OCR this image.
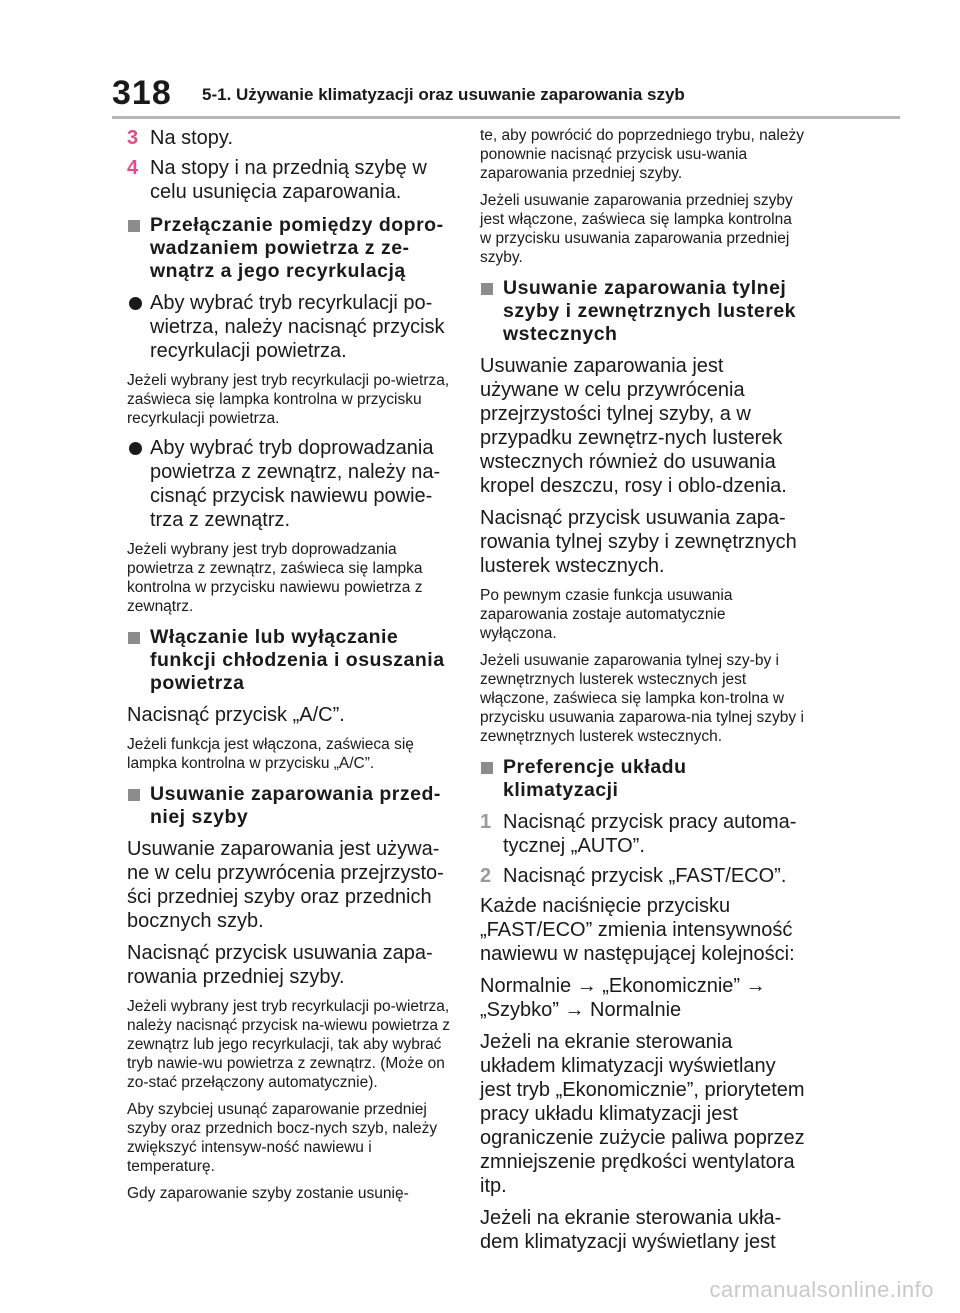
318 5-1. Używanie klimatyzacji oraz usuwanie zaparowania szyb
3 Na stopy.
4 Na stopy i na przednią szybę w celu usunięcia zaparowania.
Przełączanie pomiędzy dopro-wadzaniem powietrza z ze-wnątrz a jego recyrkulacją
Aby wybrać tryb recyrkulacji po-wietrza, należy nacisnąć przycisk recyrkulacji powietrza.

Jeżeli wybrany jest tryb recyrkulacji po-wietrza, zaświeca się lampka kontrolna w przycisku recyrkulacji powietrza.

Aby wybrać tryb doprowadzania powietrza z zewnątrz, należy na-cisnąć przycisk nawiewu powie-trza z zewnątrz.

Jeżeli wybrany jest tryb doprowadzania powietrza z zewnątrz, zaświeca się lampka kontrolna w przycisku nawiewu powietrza z zewnątrz.

Włączanie lub wyłączanie funkcji chłodzenia i osuszania powietrza

Nacisnąć przycisk „A/C”.

Jeżeli funkcja jest włączona, zaświeca się lampka kontrolna w przycisku „A/C”.

Usuwanie zaparowania przed-niej szyby

Usuwanie zaparowania jest używa-ne w celu przywrócenia przejrzysto-ści przedniej szyby oraz przednich bocznych szyb.

Nacisnąć przycisk usuwania zapa-rowania przedniej szyby.

Jeżeli wybrany jest tryb recyrkulacji po-wietrza, należy nacisnąć przycisk na-wiewu powietrza z zewnątrz lub jego recyrkulacji, tak aby wybrać tryb nawie-wu powietrza z zewnątrz. (Może on zo-stać przełączony automatycznie).

Aby szybciej usunąć zaparowanie przedniej szyby oraz przednich bocz-nych szyb, należy zwiększyć intensyw-ność nawiewu i temperaturę.

Gdy zaparowanie szyby zostanie usunię-

te, aby powrócić do poprzedniego trybu, należy ponownie nacisnąć przycisk usu-wania zaparowania przedniej szyby.

Jeżeli usuwanie zaparowania przedniej szyby jest włączone, zaświeca się lampka kontrolna w przycisku usuwania zaparowania przedniej szyby.

Usuwanie zaparowania tylnej szyby i zewnętrznych lusterek wstecznych

Usuwanie zaparowania jest używane w celu przywrócenia przejrzystości tylnej szyby, a w przypadku zewnętrz-nych lusterek wstecznych również do usuwania kropel deszczu, rosy i oblo-dzenia.

Nacisnąć przycisk usuwania zapa-rowania tylnej szyby i zewnętrznych lusterek wstecznych.

Po pewnym czasie funkcja usuwania zaparowania zostaje automatycznie wyłączona.

Jeżeli usuwanie zaparowania tylnej szy-by i zewnętrznych lusterek wstecznych jest włączone, zaświeca się lampka kon-trolna w przycisku usuwania zaparowa-nia tylnej szyby i zewnętrznych lusterek wstecznych.

Preferencje układu klimatyzacji
1 Nacisnąć przycisk pracy automa-tycznej „AUTO”.
2 Nacisnąć przycisk „FAST/ECO”.

Każde naciśnięcie przycisku „FAST/ECO” zmienia intensywność nawiewu w następującej kolejności:

Normalnie → „Ekonomicznie” → „Szybko” → Normalnie

Jeżeli na ekranie sterowania układem klimatyzacji wyświetlany jest tryb „Ekonomicznie”, priorytetem pracy układu klimatyzacji jest ograniczenie zużycie paliwa poprzez zmniejszenie prędkości wentylatora itp.

Jeżeli na ekranie sterowania ukła-dem klimatyzacji wyświetlany jest

carmanualsonline.info
